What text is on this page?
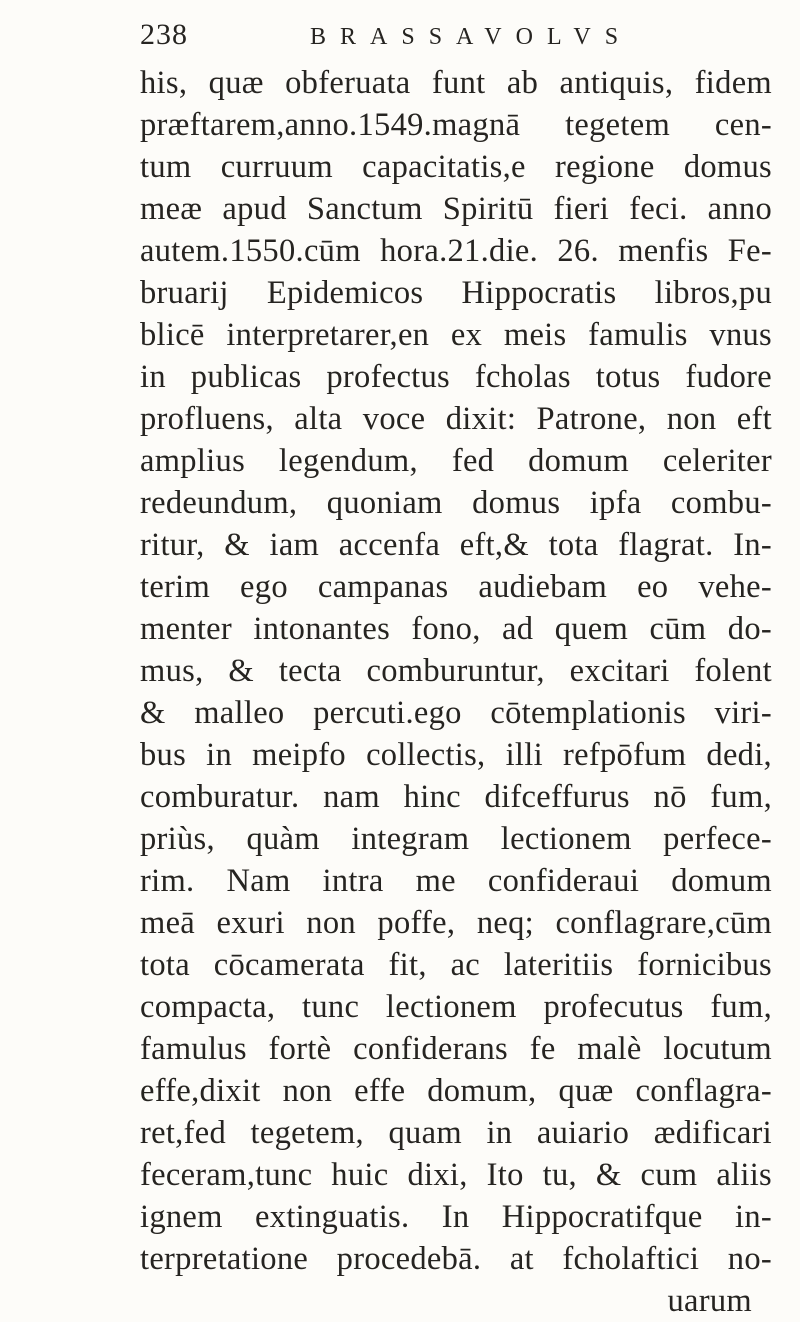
238	BRASSAVOLVS
his, quæ obferuata funt ab antiquis, fidem
præftarem,anno.1549.magnā tegetem cen-
tum curruum capacitatis,e regione domus
meæ apud Sanctum Spiritū fieri feci. anno
autem.1550.cūm hora.21.die. 26. menfis Fe-
bruarij Epidemicos Hippocratis libros,pu
blicē interpretarer,en ex meis famulis vnus
in publicas profectus fcholas totus fudore
profluens, alta voce dixit: Patrone, non eft
amplius legendum, fed domum celeriter
redeundum, quoniam domus ipfa combu-
ritur, & iam accenfa eft,& tota flagrat. In-
terim ego campanas audiebam eo vehe-
menter intonantes fono, ad quem cūm do-
mus, & tecta comburuntur, excitari folent
& malleo percuti.ego cōtemplationis viri-
bus in meipfo collectis, illi refpōfum dedi,
comburatur. nam hinc difceffurus nō fum,
priùs, quàm integram lectionem perfece-
rim. Nam intra me confideraui domum
meā exuri non poffe, neq; conflagrare,cūm
tota cōcamerata fit, ac lateritiis fornicibus
compacta, tunc lectionem profecutus fum,
famulus fortè confiderans fe malè locutum
effe,dixit non effe domum, quæ conflagra-
ret,fed tegetem, quam in auiario ædificari
feceram,tunc huic dixi, Ito tu, & cum aliis
ignem extinguatis. In Hippocratifque in-
terpretatione procedebā. at fcholaftici no-
uarum
